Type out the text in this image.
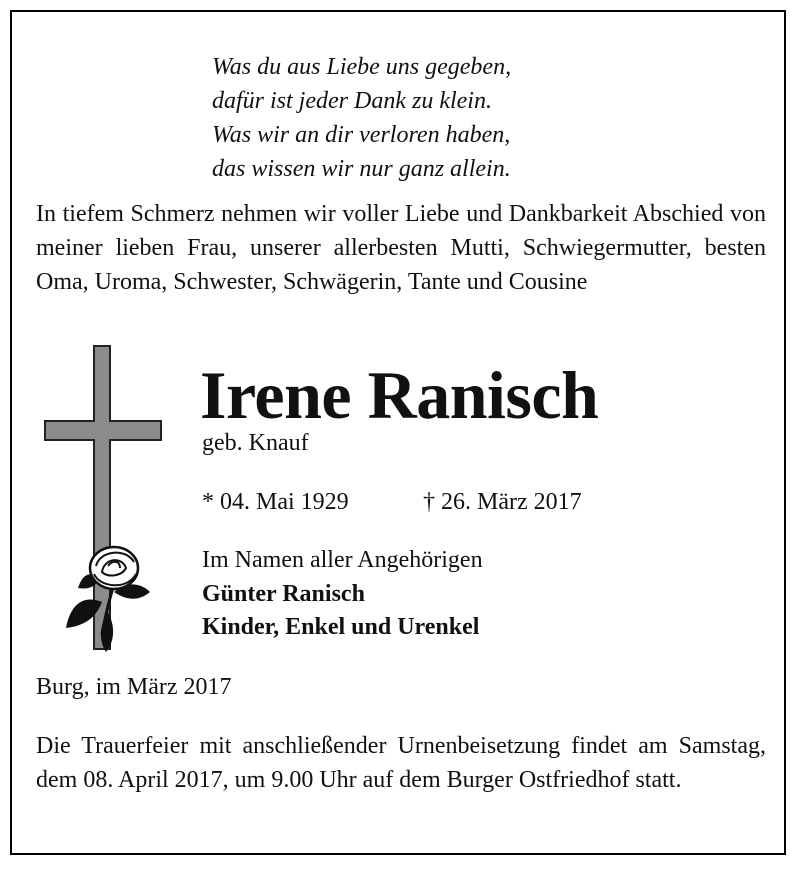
Was du aus Liebe uns gegeben,
dafür ist jeder Dank zu klein.
Was wir an dir verloren haben,
das wissen wir nur ganz allein.
In tiefem Schmerz nehmen wir voller Liebe und Dankbarkeit Abschied von meiner lieben Frau, unserer allerbesten Mutti, Schwiegermutter, besten Oma, Uroma, Schwester, Schwägerin, Tante und Cousine
Irene Ranisch
geb. Knauf
* 04. Mai 1929	† 26. März 2017
Im Namen aller Angehörigen
Günter Ranisch
Kinder, Enkel und Urenkel
Burg, im März 2017
Die Trauerfeier mit anschließender Urnenbeisetzung findet am Samstag, dem 08. April 2017, um 9.00 Uhr auf dem Burger Ostfriedhof statt.
